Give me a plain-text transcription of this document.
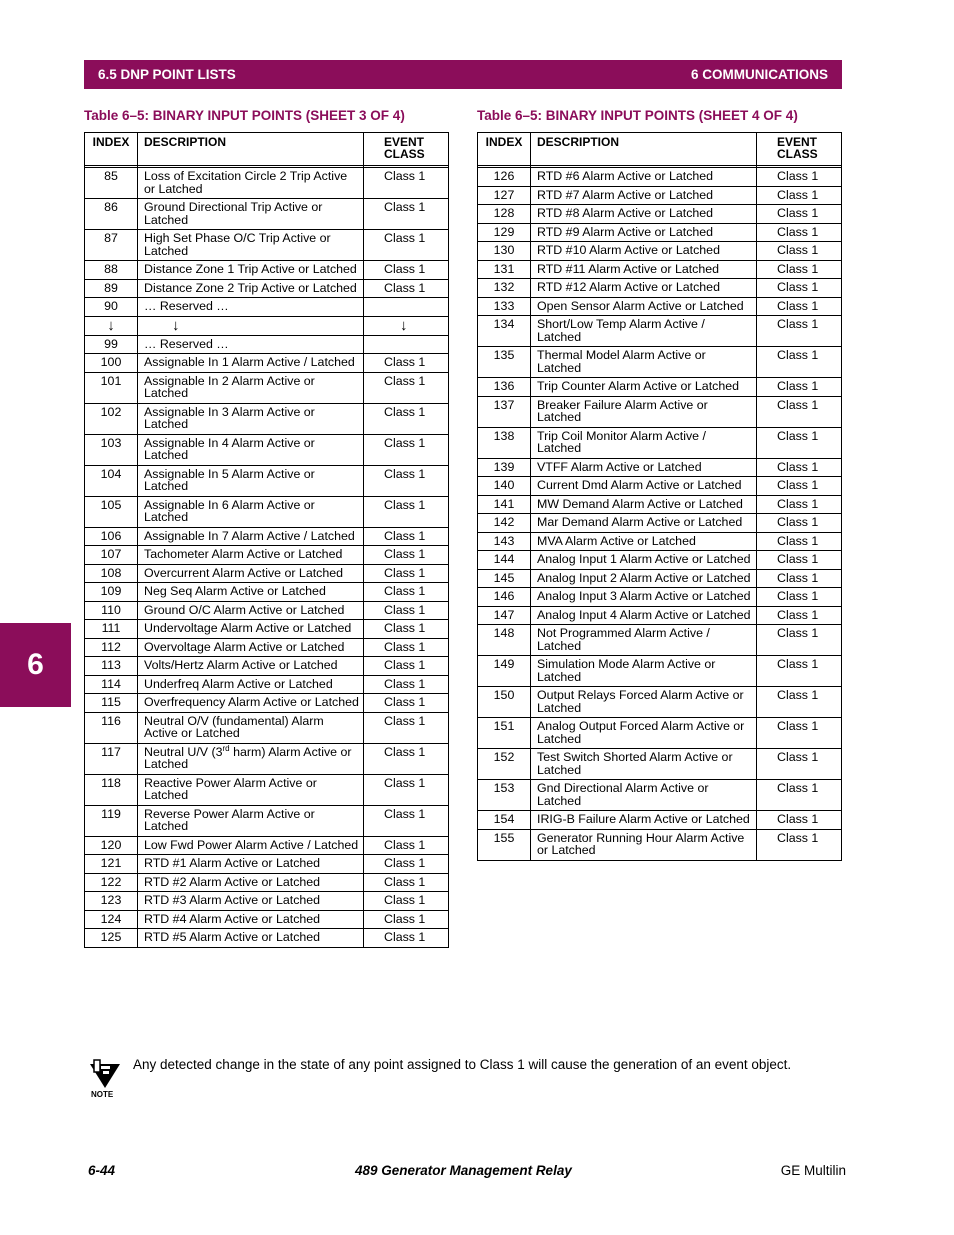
6.5 DNP POINT LISTS	6 COMMUNICATIONS
6
Table 6–5: BINARY INPUT POINTS (SHEET 3 OF 4)	Table 6–5: BINARY INPUT POINTS (SHEET 4 OF 4)
INDEX	DESCRIPTION	EVENT
CLASS

85	Loss of Excitation Circle 2 Trip Active or Latched	Class 1
86	Ground Directional Trip Active or Latched	Class 1
87	High Set Phase O/C Trip Active or Latched	Class 1
88	Distance Zone 1 Trip Active or Latched	Class 1
89	Distance Zone 2 Trip Active or Latched	Class 1
90	… Reserved …	
↓	↓	↓
99	… Reserved …	
100	Assignable In 1 Alarm Active / Latched	Class 1
101	Assignable In 2 Alarm Active or Latched	Class 1
102	Assignable In 3 Alarm Active or Latched	Class 1
103	Assignable In 4 Alarm Active or Latched	Class 1
104	Assignable In 5 Alarm Active or Latched	Class 1
105	Assignable In 6 Alarm Active or Latched	Class 1
106	Assignable In 7 Alarm Active / Latched	Class 1
107	Tachometer Alarm Active or Latched	Class 1
108	Overcurrent Alarm Active or Latched	Class 1
109	Neg Seq Alarm Active or Latched	Class 1
110	Ground O/C Alarm Active or Latched	Class 1
111	Undervoltage Alarm Active or Latched	Class 1
112	Overvoltage Alarm Active or Latched	Class 1
113	Volts/Hertz Alarm Active or Latched	Class 1
114	Underfreq Alarm Active or Latched	Class 1
115	Overfrequency Alarm Active or Latched	Class 1
116	Neutral O/V (fundamental) Alarm Active or Latched	Class 1
117	Neutral U/V (3rd harm) Alarm Active or Latched	Class 1
118	Reactive Power Alarm Active or Latched	Class 1
119	Reverse Power Alarm Active or Latched	Class 1
120	Low Fwd Power Alarm Active / Latched	Class 1
121	RTD #1 Alarm Active or Latched	Class 1
122	RTD #2 Alarm Active or Latched	Class 1
123	RTD #3 Alarm Active or Latched	Class 1
124	RTD #4 Alarm Active or Latched	Class 1
125	RTD #5 Alarm Active or Latched	Class 1
INDEX	DESCRIPTION	EVENT
CLASS

126	RTD #6 Alarm Active or Latched	Class 1
127	RTD #7 Alarm Active or Latched	Class 1
128	RTD #8 Alarm Active or Latched	Class 1
129	RTD #9 Alarm Active or Latched	Class 1
130	RTD #10 Alarm Active or Latched	Class 1
131	RTD #11 Alarm Active or Latched	Class 1
132	RTD #12 Alarm Active or Latched	Class 1
133	Open Sensor Alarm Active or Latched	Class 1
134	Short/Low Temp Alarm Active / Latched	Class 1
135	Thermal Model Alarm Active or Latched	Class 1
136	Trip Counter Alarm Active or Latched	Class 1
137	Breaker Failure Alarm Active or Latched	Class 1
138	Trip Coil Monitor Alarm Active / Latched	Class 1
139	VTFF Alarm Active or Latched	Class 1
140	Current Dmd Alarm Active or Latched	Class 1
141	MW Demand Alarm Active or Latched	Class 1
142	Mar Demand Alarm Active or Latched	Class 1
143	MVA Alarm Active or Latched	Class 1
144	Analog Input 1 Alarm Active or Latched	Class 1
145	Analog Input 2 Alarm Active or Latched	Class 1
146	Analog Input 3 Alarm Active or Latched	Class 1
147	Analog Input 4 Alarm Active or Latched	Class 1
148	Not Programmed Alarm Active / Latched	Class 1
149	Simulation Mode Alarm Active or Latched	Class 1
150	Output Relays Forced Alarm Active or Latched	Class 1
151	Analog Output Forced Alarm Active or Latched	Class 1
152	Test Switch Shorted Alarm Active or Latched	Class 1
153	Gnd Directional Alarm Active or Latched	Class 1
154	IRIG-B Failure Alarm Active or Latched	Class 1
155	Generator Running Hour Alarm Active or Latched	Class 1
NOTE
Any detected change in the state of any point assigned to Class 1 will cause the generation of an event object.
6-44	489 Generator Management Relay	GE Multilin
